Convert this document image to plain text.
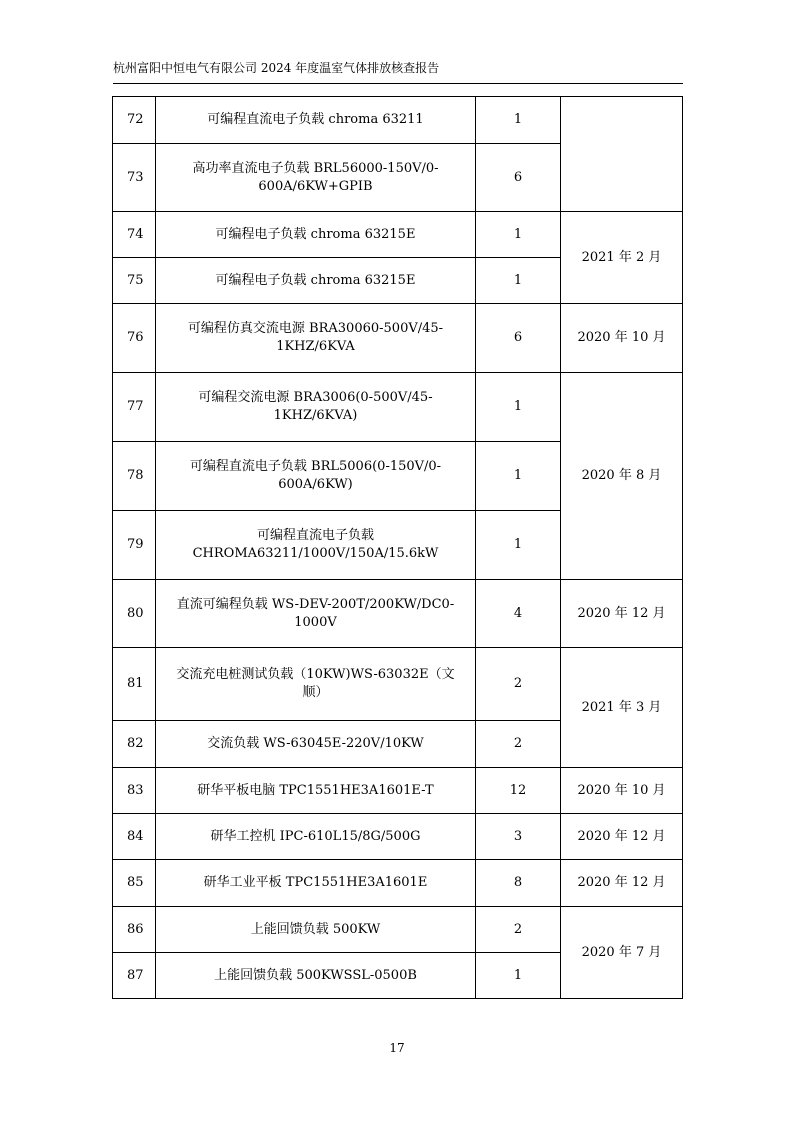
杭州富阳中恒电气有限公司 2024 年度温室气体排放核查报告
72	可编程直流电子负载 chroma 63211	1	
73	高功率直流电子负载 BRL56000-150V/0-600A/6KW+GPIB	6	
74	可编程电子负载 chroma 63215E	1	2021 年 2 月
75	可编程电子负载 chroma 63215E	1	
76	可编程仿真交流电源 BRA30060-500V/45-1KHZ/6KVA	6	2020 年 10 月
77	可编程交流电源 BRA3006(0-500V/45-1KHZ/6KVA)	1	2020 年 8 月
78	可编程直流电子负载 BRL5006(0-150V/0-600A/6KW)	1	
79	可编程直流电子负载 CHROMA63211/1000V/150A/15.6kW	1	
80	直流可编程负载 WS-DEV-200T/200KW/DC0-1000V	4	2020 年 12 月
81	交流充电桩测试负载（10KW)WS-63032E（文顺）	2	2021 年 3 月
82	交流负载 WS-63045E-220V/10KW	2	
83	研华平板电脑 TPC1551HE3A1601E-T	12	2020 年 10 月
84	研华工控机 IPC-610L15/8G/500G	3	2020 年 12 月
85	研华工业平板 TPC1551HE3A1601E	8	2020 年 12 月
86	上能回馈负载 500KW	2	2020 年 7 月
87	上能回馈负载 500KWSSL-0500B	1	
17
